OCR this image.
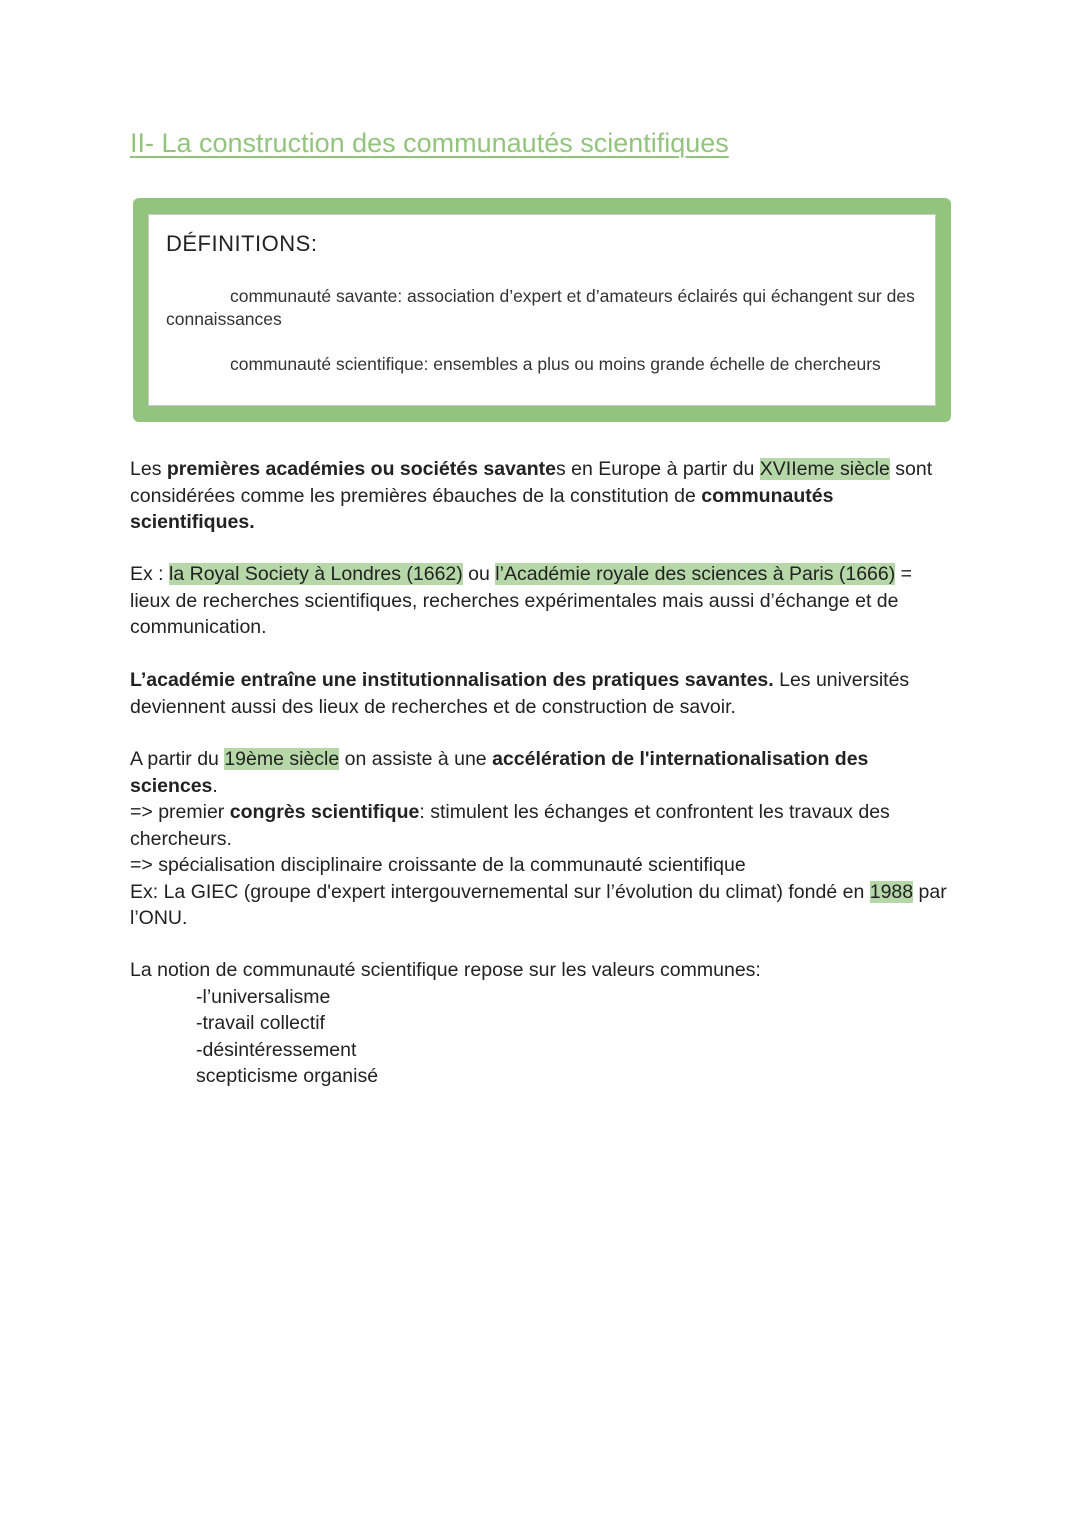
II- La construction des communautés scientifiques
DÉFINITIONS:

communauté savante: association d’expert et d’amateurs éclairés qui échangent sur des connaissances

communauté scientifique: ensembles a plus ou moins grande échelle de chercheurs

Les premières académies ou sociétés savantes en Europe à partir du XVIIeme siècle sont considérées comme les premières ébauches de la constitution de communautés scientifiques.

Ex : la Royal Society à Londres (1662) ou l’Académie royale des sciences à Paris (1666) = lieux de recherches scientifiques, recherches expérimentales mais aussi d’échange et de communication.

L’académie entraîne une institutionnalisation des pratiques savantes. Les universités deviennent aussi des lieux de recherches et de construction de savoir.

A partir du 19ème siècle on assiste à une accélération de l'internationalisation des sciences.
=> premier congrès scientifique: stimulent les échanges et confrontent les travaux des chercheurs.
=> spécialisation disciplinaire croissante de la communauté scientifique
Ex: La GIEC (groupe d'expert intergouvernemental sur l’évolution du climat) fondé en 1988 par l’ONU.

La notion de communauté scientifique repose sur les valeurs communes:

-l’universalisme
-travail collectif
-désintéressement
scepticisme organisé
